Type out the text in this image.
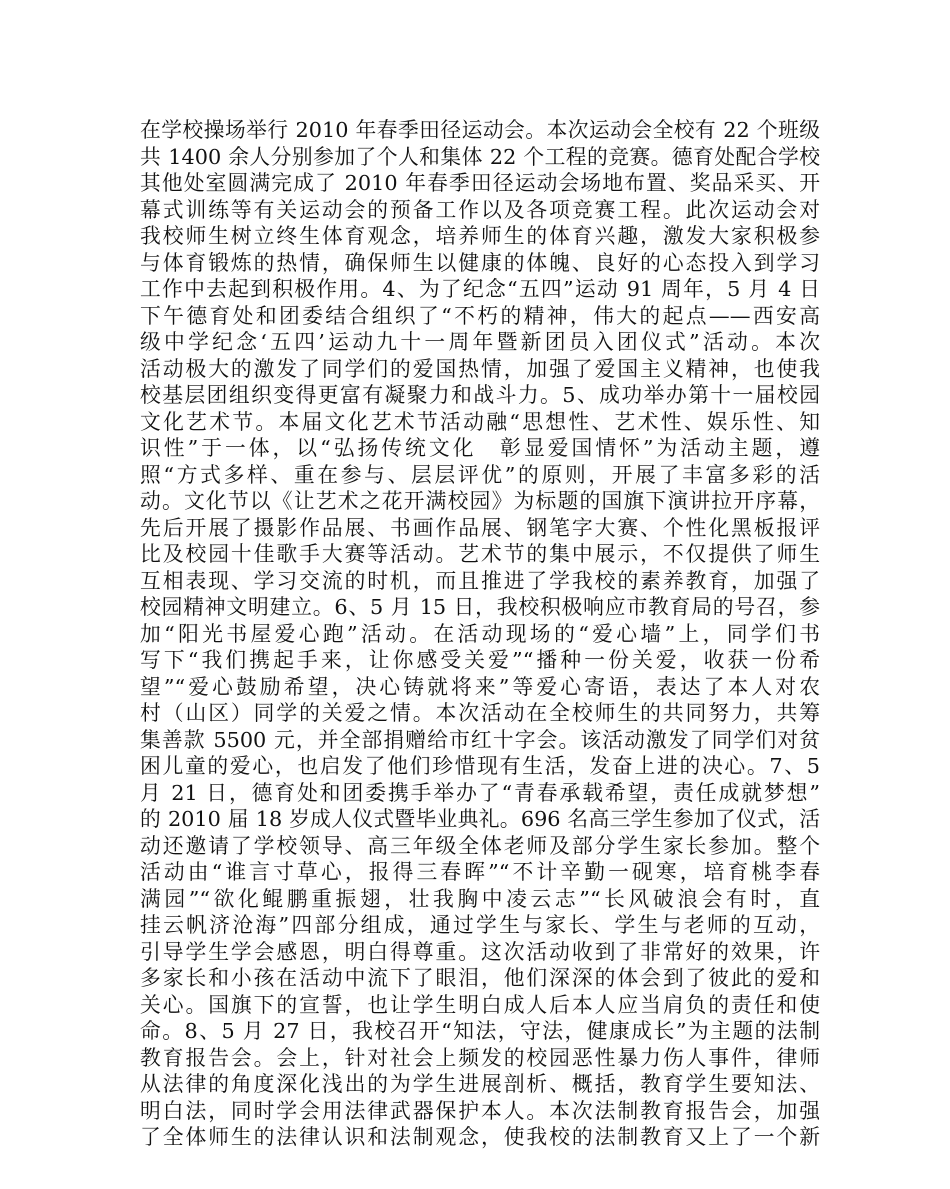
在学校操场举行 2010 年春季田径运动会。本次运动会全校有 22 个班级
共 1400 余人分别参加了个人和集体 22 个工程的竞赛。德育处配合学校
其他处室圆满完成了 2010 年春季田径运动会场地布置、奖品采买、开
幕式训练等有关运动会的预备工作以及各项竞赛工程。此次运动会对
我校师生树立终生体育观念，培养师生的体育兴趣，激发大家积极参
与体育锻炼的热情，确保师生以健康的体魄、良好的心态投入到学习
工作中去起到积极作用。4、为了纪念“五四”运动 91 周年，5 月 4 日
下午德育处和团委结合组织了“不朽的精神，伟大的起点——西安高
级中学纪念‘五四’运动九十一周年暨新团员入团仪式”活动。本次
活动极大的激发了同学们的爱国热情，加强了爱国主义精神，也使我
校基层团组织变得更富有凝聚力和战斗力。5、成功举办第十一届校园
文化艺术节。本届文化艺术节活动融“思想性、艺术性、娱乐性、知
识性”于一体，以“弘扬传统文化　彰显爱国情怀”为活动主题，遵
照“方式多样、重在参与、层层评优”的原则，开展了丰富多彩的活
动。文化节以《让艺术之花开满校园》为标题的国旗下演讲拉开序幕，
先后开展了摄影作品展、书画作品展、钢笔字大赛、个性化黑板报评
比及校园十佳歌手大赛等活动。艺术节的集中展示，不仅提供了师生
互相表现、学习交流的时机，而且推进了学我校的素养教育，加强了
校园精神文明建立。6、5 月 15 日，我校积极响应市教育局的号召，参
加“阳光书屋爱心跑”活动。在活动现场的“爱心墙”上，同学们书
写下“我们携起手来，让你感受关爱”“播种一份关爱，收获一份希
望”“爱心鼓励希望，决心铸就将来”等爱心寄语，表达了本人对农
村（山区）同学的关爱之情。本次活动在全校师生的共同努力，共筹
集善款 5500 元，并全部捐赠给市红十字会。该活动激发了同学们对贫
困儿童的爱心，也启发了他们珍惜现有生活，发奋上进的决心。7、5
月 21 日，德育处和团委携手举办了“青春承载希望，责任成就梦想”
的 2010 届 18 岁成人仪式暨毕业典礼。696 名高三学生参加了仪式，活
动还邀请了学校领导、高三年级全体老师及部分学生家长参加。整个
活动由“谁言寸草心，报得三春晖”“不计辛勤一砚寒，培育桃李春
满园”“欲化鲲鹏重振翅，壮我胸中凌云志”“长风破浪会有时，直
挂云帆济沧海”四部分组成，通过学生与家长、学生与老师的互动，
引导学生学会感恩，明白得尊重。这次活动收到了非常好的效果，许
多家长和小孩在活动中流下了眼泪，他们深深的体会到了彼此的爱和
关心。国旗下的宣誓，也让学生明白成人后本人应当肩负的责任和使
命。8、5 月 27 日，我校召开“知法，守法，健康成长”为主题的法制
教育报告会。会上，针对社会上频发的校园恶性暴力伤人事件，律师
从法律的角度深化浅出的为学生进展剖析、概括，教育学生要知法、
明白法，同时学会用法律武器保护本人。本次法制教育报告会，加强
了全体师生的法律认识和法制观念，使我校的法制教育又上了一个新
